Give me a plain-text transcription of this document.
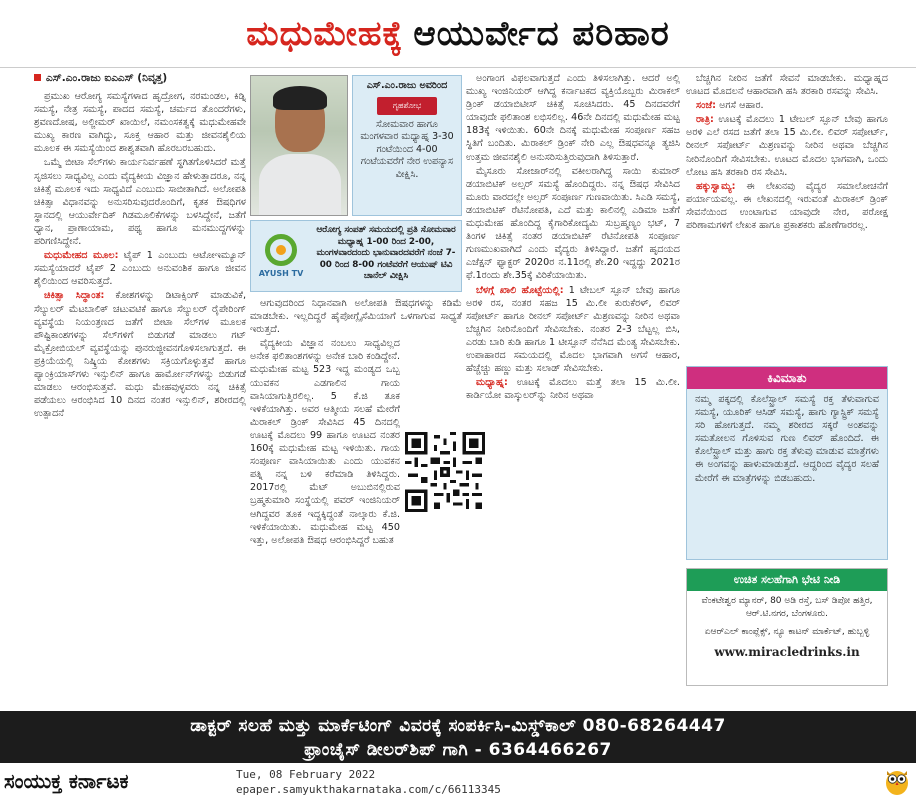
ಮಧುಮೇಹಕ್ಕೆ ಆಯುರ್ವೇದ ಪರಿಹಾರ
ಎಸ್.ಎಂ.ರಾಜು ಐಎಎಸ್ (ನಿವೃತ್ತ)

ಪ್ರಮುಖ ಆರೋಗ್ಯ ಸಮಸ್ಯೆಗಳಾದ ಹೃದ್ರೋಗ, ನರಮಂಡಲ, ಕಿಡ್ನಿ ಸಮಸ್ಯೆ, ನೇತ್ರ ಸಮಸ್ಯೆ, ಪಾದದ ಸಮಸ್ಯೆ, ಚರ್ಮದ ತೊಂದರೆಗಳು, ಶ್ರವಣದೋಷ, ಅಲ್ಜೀಮರ್ ಖಾಯಿಲೆ, ನಮಂಸಕತ್ವಕ್ಕೆ ಮಧುಮೇಹವೇ ಮುಖ್ಯ ಕಾರಣ ವಾಗಿದ್ದು, ಸೂಕ್ತ ಆಹಾರ ಮತ್ತು ಜೀವನಶೈಲಿಯ ಮೂಲಕ ಈ ಸಮಸ್ಯೆಯಿಂದ ಶಾಶ್ವತವಾಗಿ ಹೊರಬರಬಹುದು.

ಒಮ್ಮೆ ಬೀಟಾ ಸೆಲ್‌ಗಳು ಕಾರ್ಯನಿರ್ವಹಣೆ ಸ್ಥಗಿತಗೊಳಿಸಿದರೆ ಮತ್ತೆ ಸೃಜಿಸಲು ಸಾಧ್ಯವಿಲ್ಲ ಎಂದು ವೈದ್ಯಕೀಯ ವಿಜ್ಞಾನ ಹೇಳುತ್ತಾದರೂ, ನನ್ನ ಚಿಕಿತ್ಸೆ ಮೂಲಕ ಇದು ಸಾಧ್ಯವಿದೆ ಎಂಬುದು ಸಾಬೀತಾಗಿದೆ. ಅಲೋಪತಿ ಚಿಕಿತ್ಸಾ ವಿಧಾನವನ್ನು ಅನುಸರಿಸುವುದರೊಂದಿಗೆ, ಕೃತಕ ಔಷಧಿಗಳ ಸ್ಥಾನದಲ್ಲಿ ಆಯುರ್ವೇದಿಕ್ ಗಿಡಮೂಲಿಕೆಗಳನ್ನು ಬಳಸಿದ್ದೇನೆ, ಜತೆಗೆ ಧ್ಯಾನ, ಪ್ರಾಣಾಯಾಮ, ಪಥ್ಯ ಹಾಗೂ ಮನಮುದ್ದಗಳನ್ನು ಪರಿಗಣಿಸಿದ್ದೇನೆ.

ಮಧುಮೇಹದ ಮೂಲ: ಟೈಪ್ 1 ಎಂಬುದು ಆಟೋಇಮ್ಯೂನ್ ಸಮಸ್ಯೆಯಾದರೆ ಟೈಪ್ 2 ಎಂಬುದು ಅನುವಂಶಿಕ ಹಾಗೂ ಜೀವನ ಶೈಲಿಯಿಂದ ಆವರಿಸುತ್ತದೆ.

ಚಿಕಿತ್ಸಾ ಸಿದ್ಧಾಂತ: ಕೋಶಗಳನ್ನು ಡಿಟಾಕ್ಸಿಂಗ್ ಮಾಡುವಿಕೆ, ಸೆಲ್ಯುಲರ್ ಮೆಟಬಾಲಿಕ್ ಚಟುವಟಿಕೆ ಹಾಗೂ ಸೆಲ್ಯುಲರ್ ರೈಪೇರಿಂಗ್ ವ್ಯವಸ್ಥೆಯ ನಿಯಂತ್ರಣದ ಜತೆಗೆ ಬೀಟಾ ಸೆಲ್‌ಗಳ ಮೂಲಕ ಪೌಷ್ಟಿಕಾಂಶಗಳನ್ನು ಸೆಲ್‌ಗಳಿಗೆ ಬಿಡುಗಡೆ ಮಾಡಲು ಗಟ್ ಮೈಕ್ರೋಬಿಯಲ್ ವ್ಯವಸ್ಥೆಯನ್ನು ಪುನರುಜ್ಜೀವನಗೊಳಿಸಲಾಗುತ್ತದೆ. ಈ ಪ್ರಕ್ರಿಯೆಯಲ್ಲಿ ನಿಷ್ಕ್ರಿಯ ಕೋಶಗಳು ಸಕ್ರಿಯಗೊಳ್ಳುತ್ತವೆ ಹಾಗೂ ಪ್ಯಾಂಕ್ರಿಯಾಸ್‌ಗಳು ಇನ್ಸುಲಿನ್ ಹಾಗೂ ಹಾರ್ಮೋನ್‌ಗಳನ್ನು ಬಿಡುಗಡೆ ಮಾಡಲು ಆರಂಭಿಸುತ್ತವೆ. ಮಧು ಮೇಹವುಳ್ಳವರು ನನ್ನ ಚಿಕಿತ್ಸೆ ಪಡೆಯಲು ಆರಂಭಿಸಿದ 10 ದಿನದ ನಂತರ ಇನ್ಸುಲಿನ್, ಶರೀರದಲ್ಲಿ ಉತ್ಪಾದನೆ

ಎಸ್.ಎಂ.ರಾಜು ಅವರಿಂದ
ಗೃಹಶೋಭ
ಸೋಮವಾರ ಹಾಗೂ ಮಂಗಳವಾರ ಮಧ್ಯಾಹ್ನ 3-30 ಗಂಟೆಯಿಂದ 4-00 ಗಂಟೆಯವರೆಗೆ ನೇರ ಉಪನ್ಯಾಸ ವೀಕ್ಷಿಸಿ.
AYUSH TV
ಆರೋಗ್ಯ ಸಂಪತ್ ಸಮಯದಲ್ಲಿ ಪ್ರತಿ ಸೋಮವಾರ ಮಧ್ಯಾಹ್ನ 1-00 ರಿಂದ 2-00, ಮಂಗಳವಾರದಂದು ಭಾನುವಾರದವರೆಗೆ ನಂಜೆ 7-00 ರಿಂದ 8-00 ಗಂಟೆವರೆಗೆ ಆಯುಷ್ ಟಿವಿ ಚಾನೆಲ್ ವೀಕ್ಷಿಸಿ

ಆಗುವುದರಿಂದ ನಿಧಾನವಾಗಿ ಅಲೋಪತಿ ಔಷಧಗಳನ್ನು ಕಡಿಮೆ ಮಾಡಬೇಕು. ಇಲ್ಲದಿದ್ದರೆ ಹೈಪೋಗ್ಲೈಸೆಮಿಯಾಗೆ ಒಳಗಾಗುವ ಸಾಧ್ಯತೆ ಇರುತ್ತದೆ.

ವೈದ್ಯಕೀಯ ವಿಜ್ಞಾನ ನಂಬಲು ಸಾಧ್ಯವಿಲ್ಲದ ಅನೇಕ ಫಲಿತಾಂಶಗಳನ್ನು ಅನೇಕ ಬಾರಿ ಕಂಡಿದ್ದೇನೆ. ಮಧುಮೇಹ ಮಟ್ಟ 523 ಇದ್ದ ಮಂಡ್ಯದ ಒಬ್ಬ ಯುವಕನ ಎಡಗಾಲಿನ ಗಾಯ ವಾಸಿಯಾಗುತ್ತಿರಲಿಲ್ಲ. 5 ಕೆ.ಜಿ ತೂಕ ಇಳಿಕೆಯಾಗಿತ್ತು. ಅವರ ಆತ್ಮೀಯ ಸಲಹೆ ಮೇರೆಗೆ ಮಿರಾಕಲ್ ಡ್ರಿಂಕ್ ಸೇವಿಸಿದ 45 ದಿನದಲ್ಲಿ ಊಟಕ್ಕೆ ಮೊದಲು 99 ಹಾಗೂ ಊಟದ ನಂತರ 160ಕ್ಕೆ ಮಧುಮೇಹ ಮಟ್ಟ ಇಳಿಯಿತು. ಗಾಯ ಸಂಪೂರ್ಣ ವಾಸಿಯಾಯಿತು ಎಂದು ಯುವಕನ ಪತ್ನಿ ನನ್ನ ಬಳಿ ಕರೆಮಾಡಿ ತಿಳಿಸಿದ್ದರು. 2017ರಲ್ಲಿ ಮೆಟ್ ಅಬುಬಿನಲ್ಲಿರುವ ಬ್ರಹ್ಮಕುಮಾರಿ ಸಂಸ್ಥೆಯಲ್ಲಿ ಪವರ್ ಇಂಜಿನಿಯರ್ ಆಗಿದ್ದವರ ತೂಕ ಇದ್ದಕ್ಕಿದ್ದಂತೆ ನಾಲ್ಕಾರು ಕೆ.ಜಿ. ಇಳಿಕೆಯಾಯಿತು. ಮಧುಮೇಹ ಮಟ್ಟ 450 ಇತ್ತು, ಅಲೋಪತಿ ಔಷಧ ಆರಂಭಿಸಿದ್ದರೆ ಬಹುತ

ಅಂಗಾಂಗ ವಿಫಲವಾಗುತ್ತದೆ ಎಂದು ತಿಳಿಸಲಾಗಿತ್ತು. ಆದರೆ ಅಲ್ಲಿ ಮುಖ್ಯ ಇಂಜಿನಿಯರ್ ಆಗಿದ್ದ ಕರ್ನಾಟಕದ ವ್ಯಕ್ತಿಯೊಬ್ಬರು ಮಿರಾಕಲ್ ಡ್ರಿಂಕ್ ಡಯಾಬಿಟೀಸ್ ಚಿಕಿತ್ಸೆ ಸೂಚಿಸಿದರು. 45 ದಿನದವರೆಗೆ ಯಾವುದೇ ಫಲಿತಾಂಶ ಲಭಿಸಲಿಲ್ಲ. 46ನೇ ದಿನದಲ್ಲಿ ಮಧುಮೇಹ ಮಟ್ಟ 183ಕ್ಕೆ ಇಳಿಯಿತು. 60ನೇ ದಿನಕ್ಕೆ ಮಧುಮೇಹ ಸಂಪೂರ್ಣ ಸಹಜ ಸ್ಥಿತಿಗೆ ಬಂದಿತು. ಮಿರಾಕಲ್ ಡ್ರಿಂಕ್ ನೇರಿ ಎಲ್ಲ ಔಷಧವನ್ನೂ ತ್ಯಜಿಸಿ ಉತ್ತಮ ಜೀವನಶೈಲಿ ಅನುಸರಿಸುತ್ತಿರುವುದಾಗಿ ತಿಳಿಸುತ್ತಾರೆ.

ಮೈಸೂರು ಸೋಜಾರ್‌ನಲ್ಲಿ ವಕೀಲರಾಗಿದ್ದ ಸಾಯಿ ಕುಮಾರ್ ಡಯಾಬಿಟಿಕ್ ಅಲ್ಸರ್ ಸಮಸ್ಯೆ ಹೊಂದಿದ್ದರು. ನನ್ನ ಔಷಧ ಸೇವಿಸಿದ ಮೂರು ವಾರದಲ್ಲೇ ಅಲ್ಸರ್ ಸಂಪೂರ್ಣ ಗುಣವಾಯಿತು. ಸಿಎಡಿ ಸಮಸ್ಯೆ, ಡಯಾಬಿಟಿಕ್ ರೆಟಿನೋಪತಿ, ಎದೆ ಮತ್ತು ಕಾಲಿನಲ್ಲಿ ಎಡಿಮಾ ಜತೆಗೆ ಮಧುಮೇಹ ಹೊಂದಿದ್ದ ಕೈಗಾರಿಕೋದ್ಯಮಿ ಸುಬ್ರಹ್ಮಣ್ಯಂ ಭಟ್, 7 ತಿಂಗಳ ಚಿಕಿತ್ಸೆ ನಂತರ ಡಯಾಬಿಟಿಕ್ ರೆಟಿನೋಪತಿ ಸಂಪೂರ್ಣ ಗುಣಮುಖವಾಗಿದೆ ಎಂದು ವೈದ್ಯರು ತಿಳಿಸಿದ್ದಾರೆ. ಜತೆಗೆ ಹೃದಯದ ಎಜೆಕ್ಷನ್ ಫ್ಯಾಕ್ಟರ್ 2020ರ ನ.11ರಲ್ಲಿ ಶೇ.20 ಇದ್ದದ್ದು 2021ರ ಫೆ.1ರಂದು ಶೇ.35ಕ್ಕೆ ವಿರಿಕೆಯಾಯಿತು.

ಬೆಳಗ್ಗೆ ಖಾಲಿ ಹೊಟ್ಟೆಯಲ್ಲಿ: 1 ಟೇಬಲ್ ಸ್ಪೂನ್ ಬೇವು ಹಾಗೂ ಅರಳಿ ರಸ, ನಂತರ ಸಹಜ 15 ಮಿ.ಲೀ ಕುರುಕೆರಳ್, ಲಿವರ್ ಸಪೋರ್ಟ್ ಹಾಗೂ ರೀನಲ್ ಸಪೋರ್ಟ್ ಮಿಶ್ರಣವನ್ನು ನೀರಿನ ಅಥವಾ ಬೆಚ್ಚಗಿನ ನೀರಿನೊಂದಿಗೆ ಸೇವಿಸಬೇಕು. ನಂತರ 2-3 ಬೆಟ್ಟಲ್ಲ ಬಿಸಿ, ಎರಡು ಬಾರಿ ಕುಡಿ ಹಾಗೂ 1 ಟೀಸ್ಪೂನ್ ನೆನೆಸಿದ ಮೆಂತ್ಯ ಸೇವಿಸಬೇಕು. ಉಪಾಹಾರದ ಸಮಯದಲ್ಲಿ ಮೊದಲ ಭಾಗವಾಗಿ ಅಗಸೆ ಆಹಾರ, ಹೆಚ್ಚೆಚ್ಚು ಹಣ್ಣು ಮತ್ತು ಸಲಾಡ್ ಸೇವಿಸಬೇಕು.

ಮಧ್ಯಾಹ್ನ: ಊಟಕ್ಕೆ ಮೊದಲು ಮತ್ತೆ ತಲಾ 15 ಮಿ.ಲೀ. ಕಾರ್ಡಿಯೋ ವಾಸ್ಕುಲರ್‌ನ್ನು ನೀರಿನ ಅಥವಾ

ಬೆಚ್ಚಗಿನ ನೀರಿನ ಜತೆಗೆ ಸೇವನೆ ಮಾಡಬೇಕು. ಮಧ್ಯಾಹ್ನದ ಊಟದ ಮೊದಲನೆ ಆಹಾರವಾಗಿ ಹಸಿ ತರಕಾರಿ ರಸವನ್ನು ಸೇವಿಸಿ.

ಸಂಜೆ: ಅಗಸೆ ಆಹಾರ.

ರಾತ್ರಿ: ಊಟಕ್ಕೆ ಮೊದಲು 1 ಟೇಬಲ್ ಸ್ಪೂನ್ ಬೇವು ಹಾಗೂ ಅರಳಿ ಎಲೆ ರಸದ ಜತೆಗೆ ತಲಾ 15 ಮಿ.ಲೀ. ಲಿವರ್ ಸಪೋರ್ಟ್, ರೀನಲ್ ಸಪೋರ್ಟ್ ಮಿಶ್ರಣವನ್ನು ನೀರಿನ ಅಥವಾ ಬೆಚ್ಚಗಿನ ನೀರಿನೊಂದಿಗೆ ಸೇವಿಸಬೇಕು. ಊಟದ ಮೊದಲ ಭಾಗವಾಗಿ, ಒಂದು ಲೋಟ ಹಸಿ ತರಕಾರಿ ರಸ ಸೇವಿಸಿ.

ಹಕ್ಕುಸ್ವಾಮ್ಯ: ಈ ಲೇಖನವು ವೈದ್ಯರ ಸಮಾಲೋಚನೆಗೆ ಪರ್ಯಾಯವಲ್ಲ. ಈ ಲೇಖನದಲ್ಲಿ ಇರುವಂತೆ ಮಿರಾಕಲ್ ಡ್ರಿಂಕ್ ಸೇವನೆಯಿಂದ ಉಂಟಾಗುವ ಯಾವುದೇ ನೇರ, ಪರೋಕ್ಷ ಪರಿಣಾಮಗಳಿಗೆ ಲೇಖಕ ಹಾಗೂ ಪ್ರಕಾಶಕರು ಹೊಣೆಗಾರರಲ್ಲ.

ಕಿವಿಮಾತು
ನಮ್ಮ ಪಕ್ಕದಲ್ಲಿ ಕೊಲೆಸ್ಟ್ರಾಲ್ ಸಮಸ್ಯೆ ರಕ್ತ ತೆಳುವಾಗುವ ಸಮಸ್ಯೆ, ಯೂರಿಕ್ ಆಸಿಡ್ ಸಮಸ್ಯೆ, ಹಾಗು ಗ್ಯಾಸ್ಟ್ರಿಕ್ ಸಮಸ್ಯೆ ಸರಿ ಹೋಗುತ್ತದೆ. ನಮ್ಮ ಶರೀರದ ಸಕ್ಕರೆ ಅಂಶವನ್ನು ಸಮತೋಲನ ಗೊಳಿಸುವ ಗುಣ ಲಿವರ್ ಹೊಂದಿದೆ. ಈ ಕೊಲೆಸ್ಟ್ರಾಲ್ ಮತ್ತು ಹಾಗು ರಕ್ತ ತೆಳುವು ಮಾಡುವ ಮಾತ್ರೆಗಳು ಈ ಅಂಗವನ್ನು ಹಾಳುಮಾಡುತ್ತದೆ. ಆದ್ದರಿಂದ ವೈದ್ಯರ ಸಲಹೆ ಮೇರೆಗೆ ಈ ಮಾತ್ರೆಗಳನ್ನು ಬಿಡಬಹುದು.
ಉಚಿತ ಸಲಹೆಗಾಗಿ ಭೇಟಿ ನೀಡಿ
ವೆಂಕಟೇಶ್ವರ ಮ್ಯಾನರ್, 80 ಅಡಿ ರಸ್ತೆ, ಬಸ್ ಡಿಪೋ ಹತ್ತಿರ, ಆರ್.ಟಿ.ನಗರ, ಬೆಂಗಳೂರು.
ಏಆರ್‌ಎಲ್ ಕಾಂಪ್ಲೆಕ್ಸ್, ನ್ಯೂ ಕಾಟನ್ ಮಾರ್ಕೆಟ್, ಹುಬ್ಬಳ್ಳಿ
www.miracledrinks.in
ಡಾಕ್ಟರ್ ಸಲಹೆ ಮತ್ತು ಮಾರ್ಕೆಟಿಂಗ್ ವಿವರಕ್ಕೆ ಸಂಪರ್ಕಿಸಿ-ಮಿಸ್ಡ್‌ಕಾಲ್ 080-68264447
ಫ್ರಾಂಚೈಸ್ ಡೀಲರ್‌ಶಿಪ್ ಗಾಗಿ - 6364466267
ಸಂಯುಕ್ತ ಕರ್ನಾಟಕ	Tue, 08 February 2022
epaper.samyukthakarnataka.com/c/66113345
